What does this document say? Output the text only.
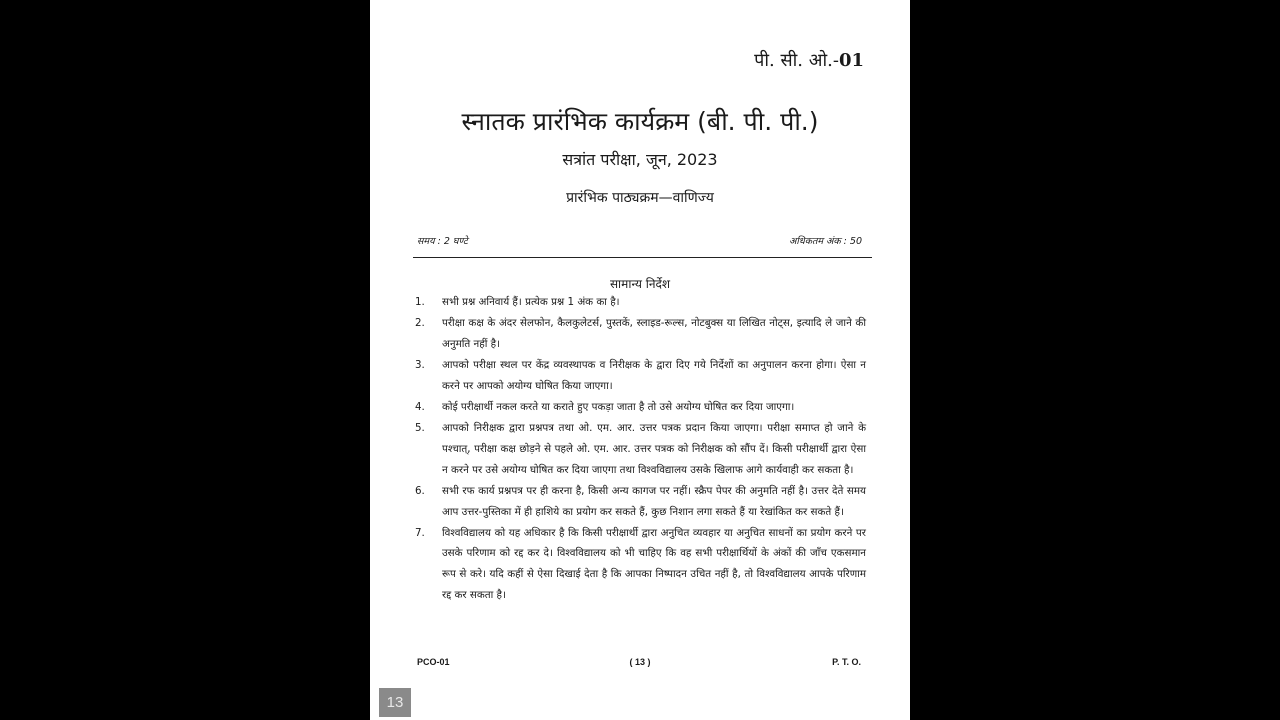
पी. सी. ओ.-01
स्नातक प्रारंभिक कार्यक्रम (बी. पी. पी.)
सत्रांत परीक्षा, जून, 2023
प्रारंभिक पाठ्यक्रम—वाणिज्य
समय : 2 घण्टे	अधिकतम अंक : 50
सामान्य निर्देश
1.	सभी प्रश्न अनिवार्य हैं। प्रत्येक प्रश्न 1 अंक का है।
2.	परीक्षा कक्ष के अंदर सेलफोन, कैलकुलेटर्स, पुस्तकें, स्लाइड-रूल्स, नोटबुक्स या लिखित नोट्स, इत्यादि ले जाने की अनुमति नहीं है।
3.	आपको परीक्षा स्थल पर केंद्र व्यवस्थापक व निरीक्षक के द्वारा दिए गये निर्देशों का अनुपालन करना होगा। ऐसा न करने पर आपको अयोग्य घोषित किया जाएगा।
4.	कोई परीक्षार्थी नकल करते या कराते हुए पकड़ा जाता है तो उसे अयोग्य घोषित कर दिया जाएगा।
5.	आपको निरीक्षक द्वारा प्रश्नपत्र तथा ओ. एम. आर. उत्तर पत्रक प्रदान किया जाएगा। परीक्षा समाप्त हो जाने के पश्चात्, परीक्षा कक्ष छोड़ने से पहले ओ. एम. आर. उत्तर पत्रक को निरीक्षक को सौंप दें। किसी परीक्षार्थी द्वारा ऐसा न करने पर उसे अयोग्य घोषित कर दिया जाएगा तथा विश्वविद्यालय उसके खिलाफ आगे कार्यवाही कर सकता है।
6.	सभी रफ कार्य प्रश्नपत्र पर ही करना है, किसी अन्य कागज पर नहीं। स्क्रैप पेपर की अनुमति नहीं है। उत्तर देते समय आप उत्तर-पुस्तिका में ही हाशिये का प्रयोग कर सकते हैं, कुछ निशान लगा सकते हैं या रेखांकित कर सकते हैं।
7.	विश्वविद्यालय को यह अधिकार है कि किसी परीक्षार्थी द्वारा अनुचित व्यवहार या अनुचित साधनों का प्रयोग करने पर उसके परिणाम को रद्द कर दे। विश्वविद्यालय को भी चाहिए कि वह सभी परीक्षार्थियों के अंकों की जाँच एकसमान रूप से करे। यदि कहीं से ऐसा दिखाई देता है कि आपका निष्पादन उचित नहीं है, तो विश्वविद्यालय आपके परिणाम रद्द कर सकता है।
PCO-01	( 13 )	P. T. O.
13
